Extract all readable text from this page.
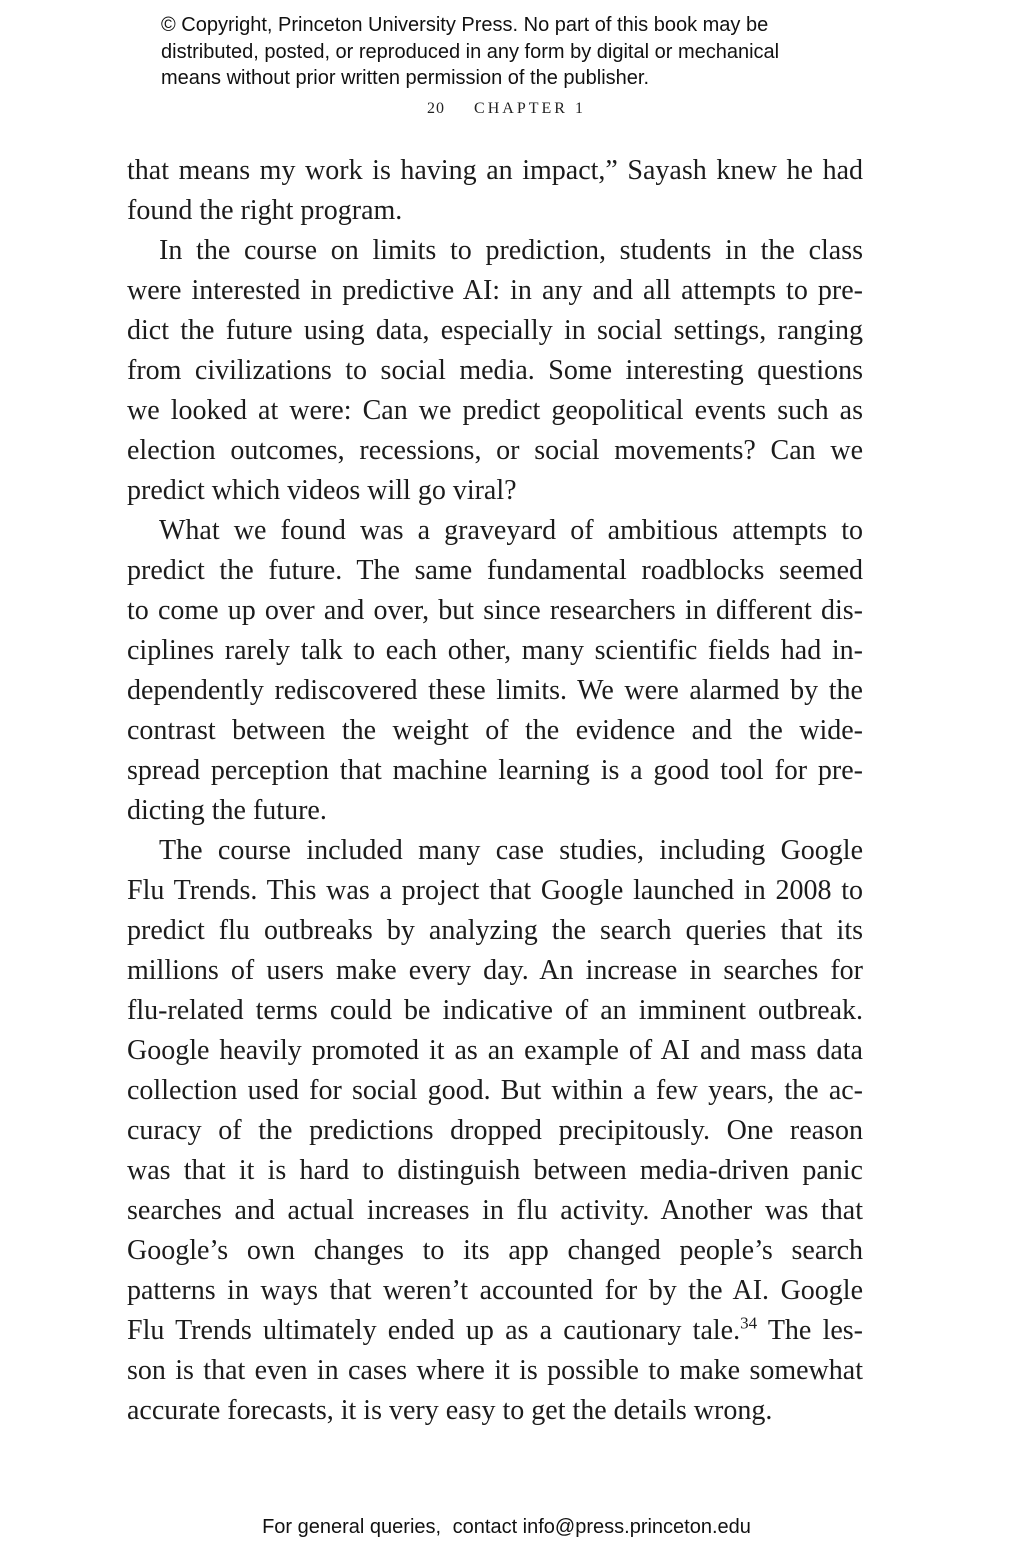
© Copyright, Princeton University Press. No part of this book may be
distributed, posted, or reproduced in any form by digital or mechanical
means without prior written permission of the publisher.
20 CHAPTER 1
that means my work is having an impact,” Sayash knew he had
found the right program.
In the course on limits to prediction, students in the class
were interested in predictive AI: in any and all attempts to pre-
dict the future using data, especially in social settings, ranging
from civilizations to social media. Some interesting questions
we looked at were: Can we predict geopolitical events such as
election outcomes, recessions, or social movements? Can we
predict which videos will go viral?
What we found was a graveyard of ambitious attempts to
predict the future. The same fundamental roadblocks seemed
to come up over and over, but since researchers in different dis-
ciplines rarely talk to each other, many scientific fields had in-
dependently rediscovered these limits. We were alarmed by the
contrast between the weight of the evidence and the wide-
spread perception that machine learning is a good tool for pre-
dicting the future.
The course included many case studies, including Google
Flu Trends. This was a project that Google launched in 2008 to
predict flu outbreaks by analyzing the search queries that its
millions of users make every day. An increase in searches for
flu-related terms could be indicative of an imminent outbreak.
Google heavily promoted it as an example of AI and mass data
collection used for social good. But within a few years, the ac-
curacy of the predictions dropped precipitously. One reason
was that it is hard to distinguish between media-driven panic
searches and actual increases in flu activity. Another was that
Google’s own changes to its app changed people’s search
patterns in ways that weren’t accounted for by the AI. Google
Flu Trends ultimately ended up as a cautionary tale.$^{34}$ The les-
son is that even in cases where it is possible to make somewhat
accurate forecasts, it is very easy to get the details wrong.
For general queries, contact info@press.princeton.edu
